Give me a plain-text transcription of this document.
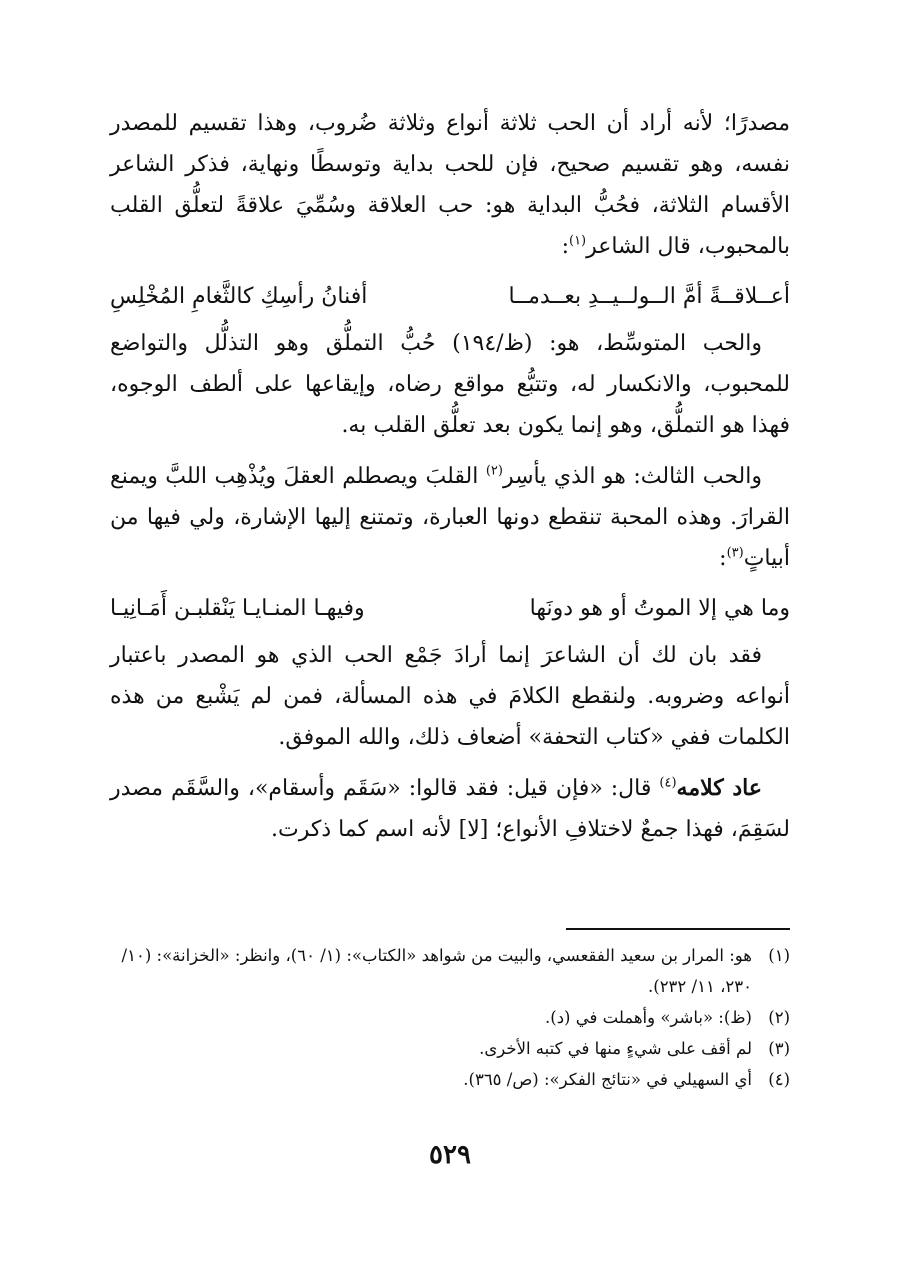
مصدرًا؛ لأنه أراد أن الحب ثلاثة أنواع وثلاثة ضُروب، وهذا تقسيم للمصدر نفسه، وهو تقسيم صحيح، فإن للحب بداية وتوسطًا ونهاية، فذكر الشاعر الأقسام الثلاثة، فحُبُّ البداية هو: حب العلاقة وسُمِّيَ علاقةً لتعلُّق القلب بالمحبوب، قال الشاعر$^{(١)}$:

أعــلاقــةً أمَّ الــولــيــدِ بعــدمــا
أفنانُ رأسِكِ كالثَّغامِ المُخْلِسِ

والحب المتوسِّط، هو: (ظ/١٩٤) حُبُّ التملُّق وهو التذلُّل والتواضع للمحبوب، والانكسار له، وتتبُّع مواقع رضاه، وإيقاعها على ألطف الوجوه، فهذا هو التملُّق، وهو إنما يكون بعد تعلُّق القلب به.

والحب الثالث: هو الذي يأسِر$^{(٢)}$ القلبَ ويصطلم العقلَ ويُذْهِب اللبَّ ويمنع القرارَ. وهذه المحبة تنقطع دونها العبارة، وتمتنع إليها الإشارة، ولي فيها من أبياتٍ$^{(٣)}$:

وما هي إلا الموتُ أو هو دونَها
وفيهـا المنـايـا يَنْقلبـن أَمَـانِيـا

فقد بان لك أن الشاعرَ إنما أرادَ جَمْع الحب الذي هو المصدر باعتبار أنواعه وضروبه. ولنقطع الكلامَ في هذه المسألة، فمن لم يَشْبع من هذه الكلمات ففي «كتاب التحفة» أضعاف ذلك، والله الموفق.

عاد كلامه$^{(٤)}$ قال: «فإن قيل: فقد قالوا: «سَقَم وأسقام»، والسَّقَم مصدر لسَقِمَ، فهذا جمعٌ لاختلافِ الأنواع؛ [لا] لأنه اسم كما ذكرت.

(١)
هو: المرار بن سعيد الفقعسي، والبيت من شواهد «الكتاب»: (١/ ٦٠)، وانظر: «الخزانة»: (١٠/ ٢٣٠، ١١/ ٢٣٢).
(٢)
(ظ): «باشر» وأهملت في (د).
(٣)
لم أقف على شيءٍ منها في كتبه الأخرى.
(٤)
أي السهيلي في «نتائج الفكر»: (ص/ ٣٦٥).
٥٢٩
